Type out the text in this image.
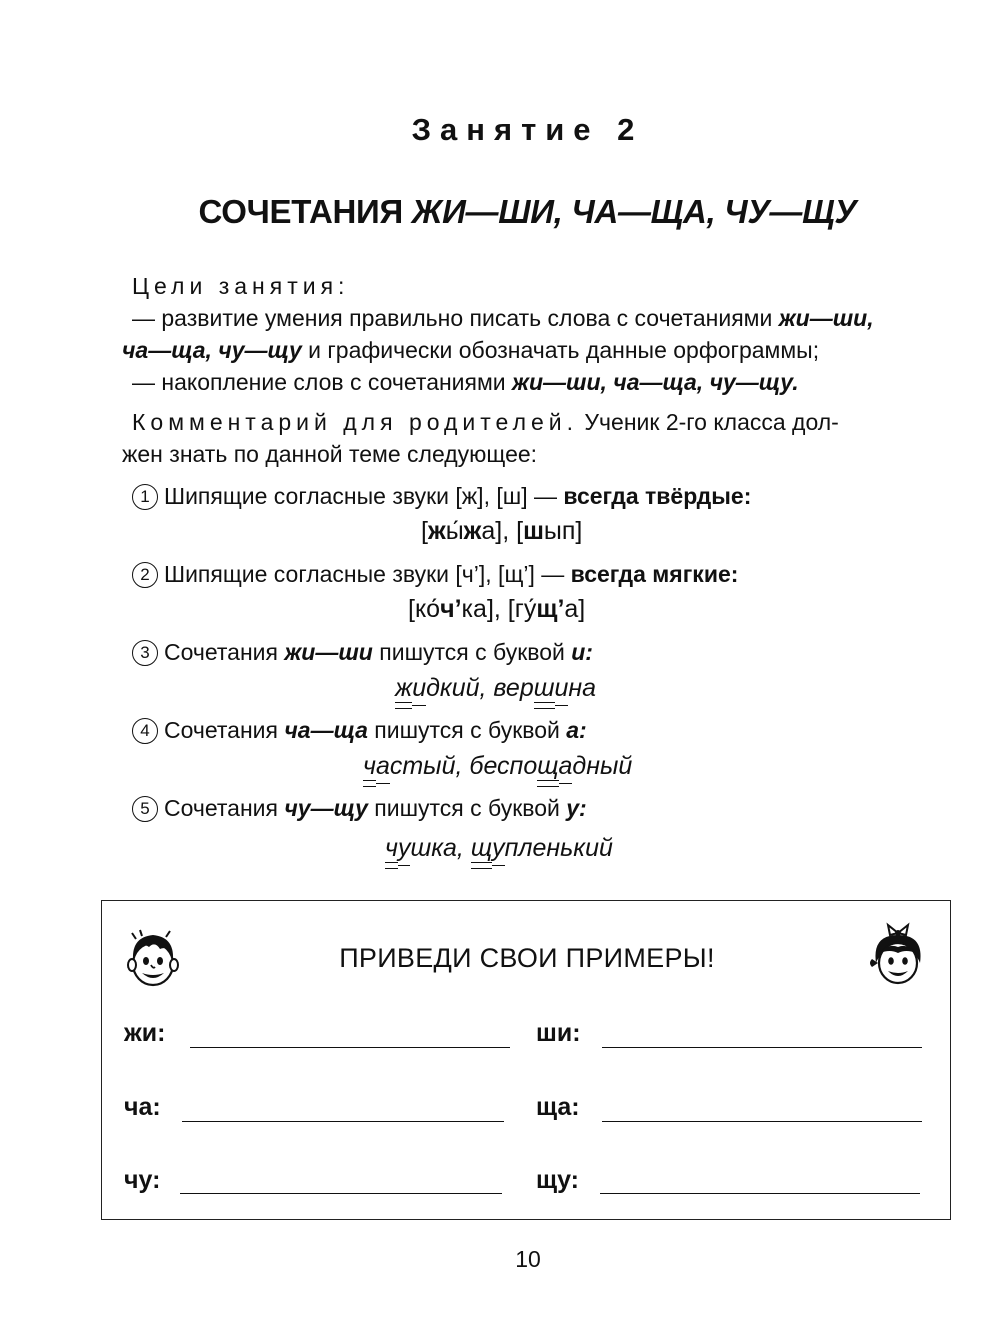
Занятие 2
СОЧЕТАНИЯ ЖИ—ШИ, ЧА—ЩА, ЧУ—ЩУ
Цели занятия:
— развитие умения правильно писать слова с сочетаниями жи—ши,
ча—ща, чу—щу и графически обозначать данные орфограммы;
— накопление слов с сочетаниями жи—ши, ча—ща, чу—щу.
Комментарий для родителей. Ученик 2-го класса дол-
жен знать по данной теме следующее:
1 Шипящие согласные звуки [ж], [ш] — всегда твёрдые:
[жы́жа], [шып]
2 Шипящие согласные звуки [ч’], [щ’] — всегда мягкие:
[ко́ч’ка], [гу́щ’а]
3 Сочетания жи—ши пишутся с буквой и:
жидкий, вершина
4 Сочетания ча—ща пишутся с буквой а:
частый, беспощадный
5 Сочетания чу—щу пишутся с буквой у:
чушка, щупленький
ПРИВЕДИ СВОИ ПРИМЕРЫ!
жи:
ча:
чу:
ши:
ща:
щу:
10
